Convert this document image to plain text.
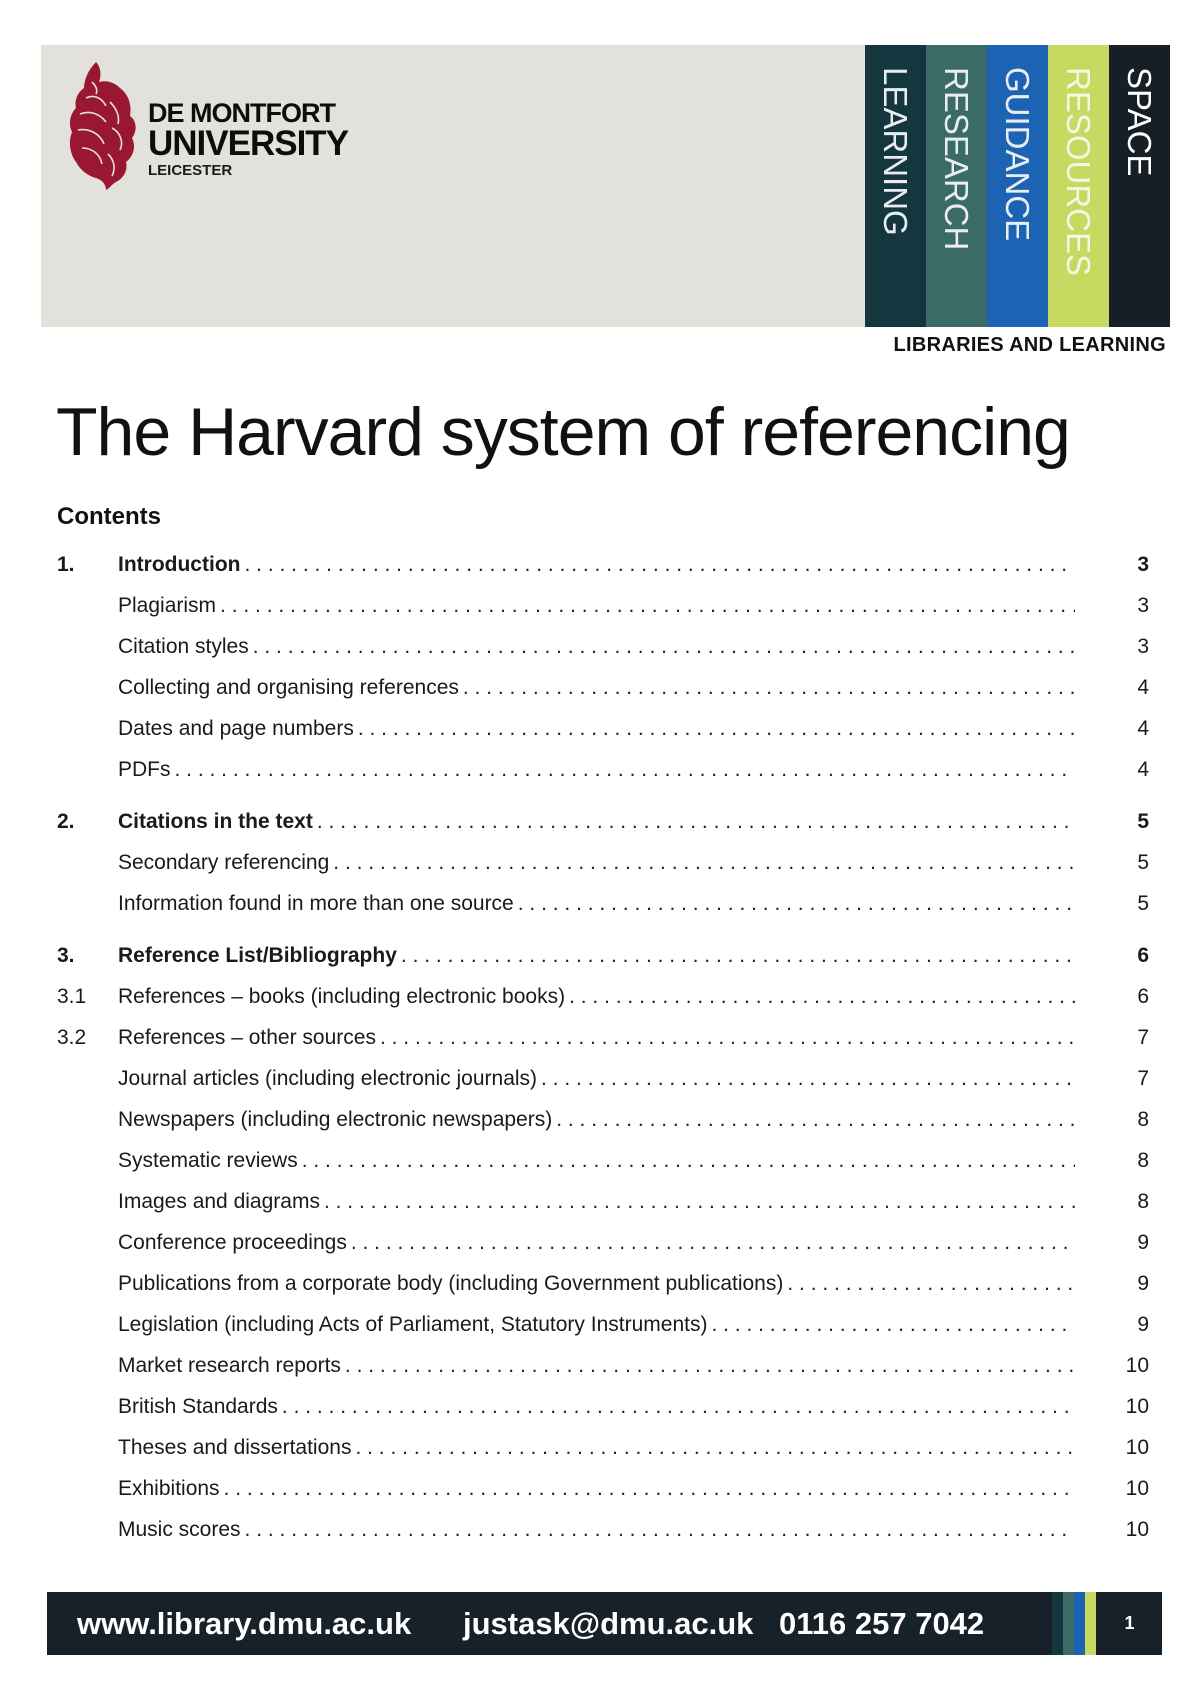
DE MONTFORT
UNIVERSITY
LEICESTER	LEARNING RESEARCH GUIDANCE RESOURCES SPACE
LIBRARIES AND LEARNING
The Harvard system of referencing
Contents
1.	Introduction . . .	3
Plagiarism . . .	3
Citation styles . . .	3
Collecting and organising references . . .	4
Dates and page numbers . . .	4
PDFs . . .	4
2.	Citations in the text . . .	5
Secondary referencing . . .	5
Information found in more than one source . . .	5
3.	Reference List/Bibliography . . .	6
3.1	References – books (including electronic books) . . .	6
3.2	References – other sources . . .	7
Journal articles (including electronic journals) . . .	7
Newspapers (including electronic newspapers) . . .	8
Systematic reviews . . .	8
Images and diagrams . . .	8
Conference proceedings . . .	9
Publications from a corporate body (including Government publications) . . .	9
Legislation (including Acts of Parliament, Statutory Instruments) . . .	9
Market research reports . . .	10
British Standards . . .	10
Theses and dissertations . . .	10
Exhibitions . . .	10
Music scores . . .	10
www.library.dmu.ac.uk justask@dmu.ac.uk 0116 257 7042	1
